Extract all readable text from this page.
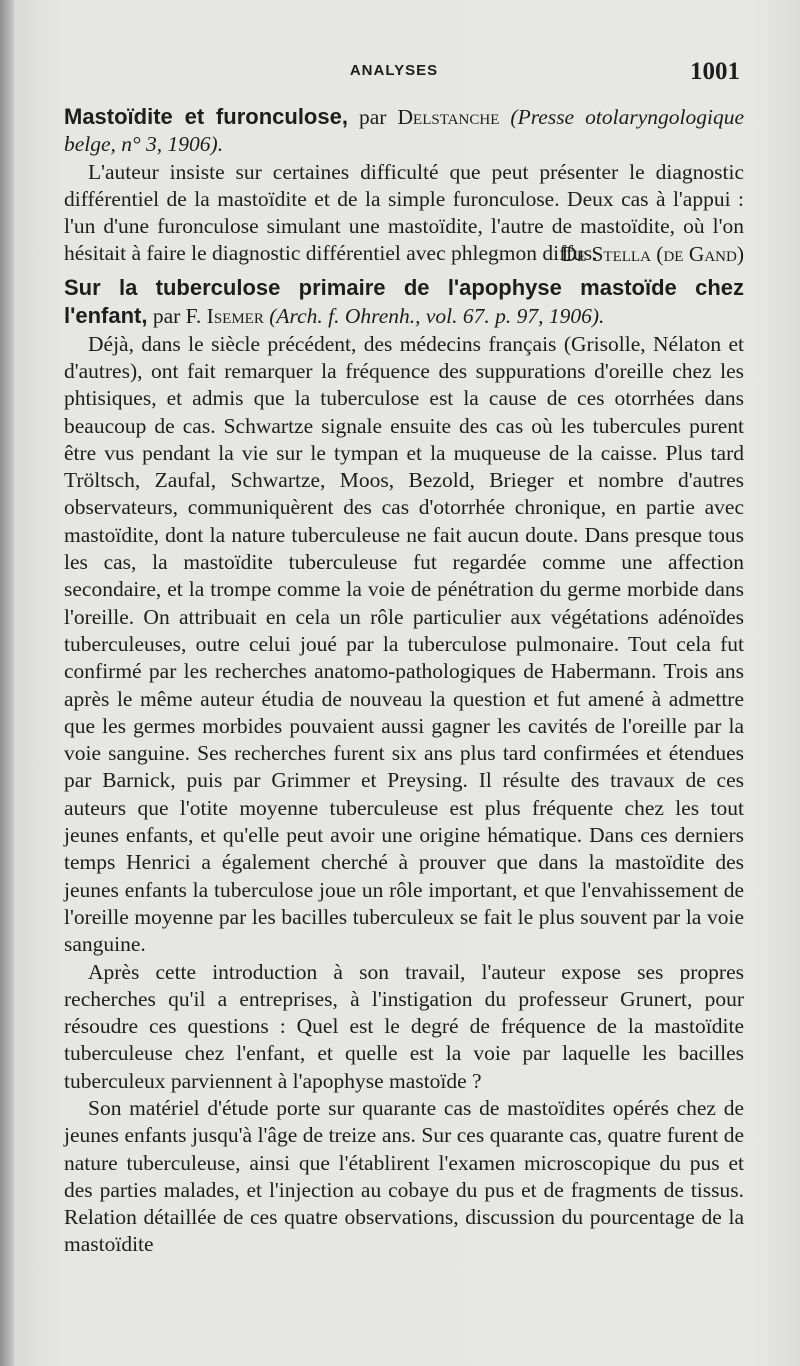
ANALYSES	1001

Mastoïdite et furonculose, par Delstanche (Presse otolaryngologique belge, n° 3, 1906).

L'auteur insiste sur certaines difficulté que peut présenter le diagnostic différentiel de la mastoïdite et de la simple furonculose. Deux cas à l'appui : l'un d'une furonculose simulant une mastoïdite, l'autre de mastoïdite, où l'on hésitait à faire le diagnostic différentiel avec phlegmon diffus.

De Stella (de Gand)

Sur la tuberculose primaire de l'apophyse mastoïde chez l'enfant, par F. Isemer (Arch. f. Ohrenh., vol. 67. p. 97, 1906).

Déjà, dans le siècle précédent, des médecins français (Grisolle, Nélaton et d'autres), ont fait remarquer la fréquence des suppurations d'oreille chez les phtisiques, et admis que la tuberculose est la cause de ces otorrhées dans beaucoup de cas. Schwartze signale ensuite des cas où les tubercules purent être vus pendant la vie sur le tympan et la muqueuse de la caisse. Plus tard Tröltsch, Zaufal, Schwartze, Moos, Bezold, Brieger et nombre d'autres observateurs, communiquèrent des cas d'otorrhée chronique, en partie avec mastoïdite, dont la nature tuberculeuse ne fait aucun doute. Dans presque tous les cas, la mastoïdite tuberculeuse fut regardée comme une affection secondaire, et la trompe comme la voie de pénétration du germe morbide dans l'oreille. On attribuait en cela un rôle particulier aux végétations adénoïdes tuberculeuses, outre celui joué par la tuberculose pulmonaire. Tout cela fut confirmé par les recherches anatomo-pathologiques de Habermann. Trois ans après le même auteur étudia de nouveau la question et fut amené à admettre que les germes morbides pouvaient aussi gagner les cavités de l'oreille par la voie sanguine. Ses recherches furent six ans plus tard confirmées et étendues par Barnick, puis par Grimmer et Preysing. Il résulte des travaux de ces auteurs que l'otite moyenne tuberculeuse est plus fréquente chez les tout jeunes enfants, et qu'elle peut avoir une origine hématique. Dans ces derniers temps Henrici a également cherché à prouver que dans la mastoïdite des jeunes enfants la tuberculose joue un rôle important, et que l'envahissement de l'oreille moyenne par les bacilles tuberculeux se fait le plus souvent par la voie sanguine.

Après cette introduction à son travail, l'auteur expose ses propres recherches qu'il a entreprises, à l'instigation du professeur Grunert, pour résoudre ces questions : Quel est le degré de fréquence de la mastoïdite tuberculeuse chez l'enfant, et quelle est la voie par laquelle les bacilles tuberculeux parviennent à l'apophyse mastoïde ?

Son matériel d'étude porte sur quarante cas de mastoïdites opérés chez de jeunes enfants jusqu'à l'âge de treize ans. Sur ces quarante cas, quatre furent de nature tuberculeuse, ainsi que l'établirent l'examen microscopique du pus et des parties malades, et l'injection au cobaye du pus et de fragments de tissus. Relation détaillée de ces quatre observations, discussion du pourcentage de la mastoïdite
